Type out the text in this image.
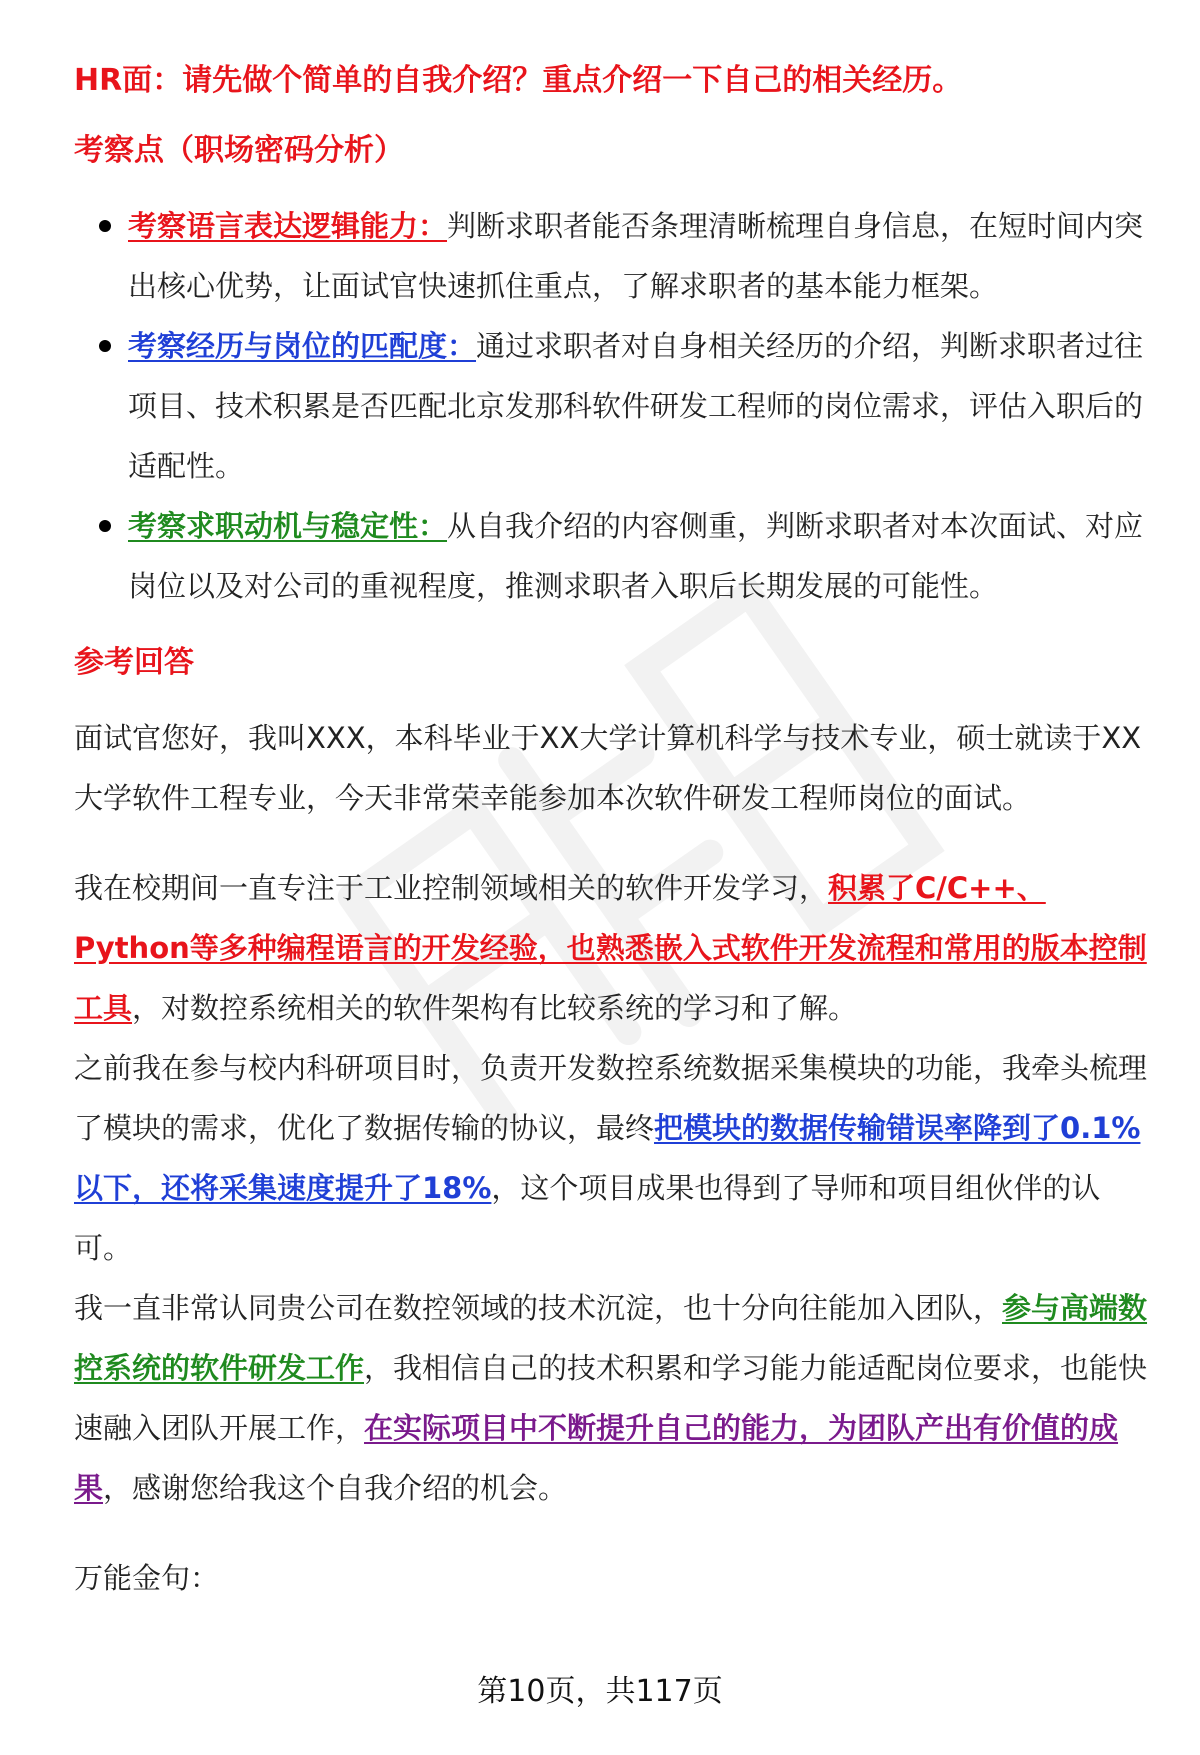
HR面：请先做个简单的自我介绍？重点介绍一下自己的相关经历。

考察点（职场密码分析）

考察语言表达逻辑能力：判断求职者能否条理清晰梳理自身信息，在短时间内突出核心优势，让面试官快速抓住重点，了解求职者的基本能力框架。
考察经历与岗位的匹配度：通过求职者对自身相关经历的介绍，判断求职者过往项目、技术积累是否匹配北京发那科软件研发工程师的岗位需求，评估入职后的适配性。
考察求职动机与稳定性：从自我介绍的内容侧重，判断求职者对本次面试、对应岗位以及对公司的重视程度，推测求职者入职后长期发展的可能性。

参考回答

面试官您好，我叫XXX，本科毕业于XX大学计算机科学与技术专业，硕士就读于XX大学软件工程专业，今天非常荣幸能参加本次软件研发工程师岗位的面试。

我在校期间一直专注于工业控制领域相关的软件开发学习，积累了C/C++、Python等多种编程语言的开发经验，也熟悉嵌入式软件开发流程和常用的版本控制工具，对数控系统相关的软件架构有比较系统的学习和了解。

之前我在参与校内科研项目时，负责开发数控系统数据采集模块的功能，我牵头梳理了模块的需求，优化了数据传输的协议，最终把模块的数据传输错误率降到了0.1%以下，还将采集速度提升了18%，这个项目成果也得到了导师和项目组伙伴的认可。

我一直非常认同贵公司在数控领域的技术沉淀，也十分向往能加入团队，参与高端数控系统的软件研发工作，我相信自己的技术积累和学习能力能适配岗位要求，也能快速融入团队开展工作，在实际项目中不断提升自己的能力，为团队产出有价值的成果，感谢您给我这个自我介绍的机会。

万能金句：

第10页，共117页
